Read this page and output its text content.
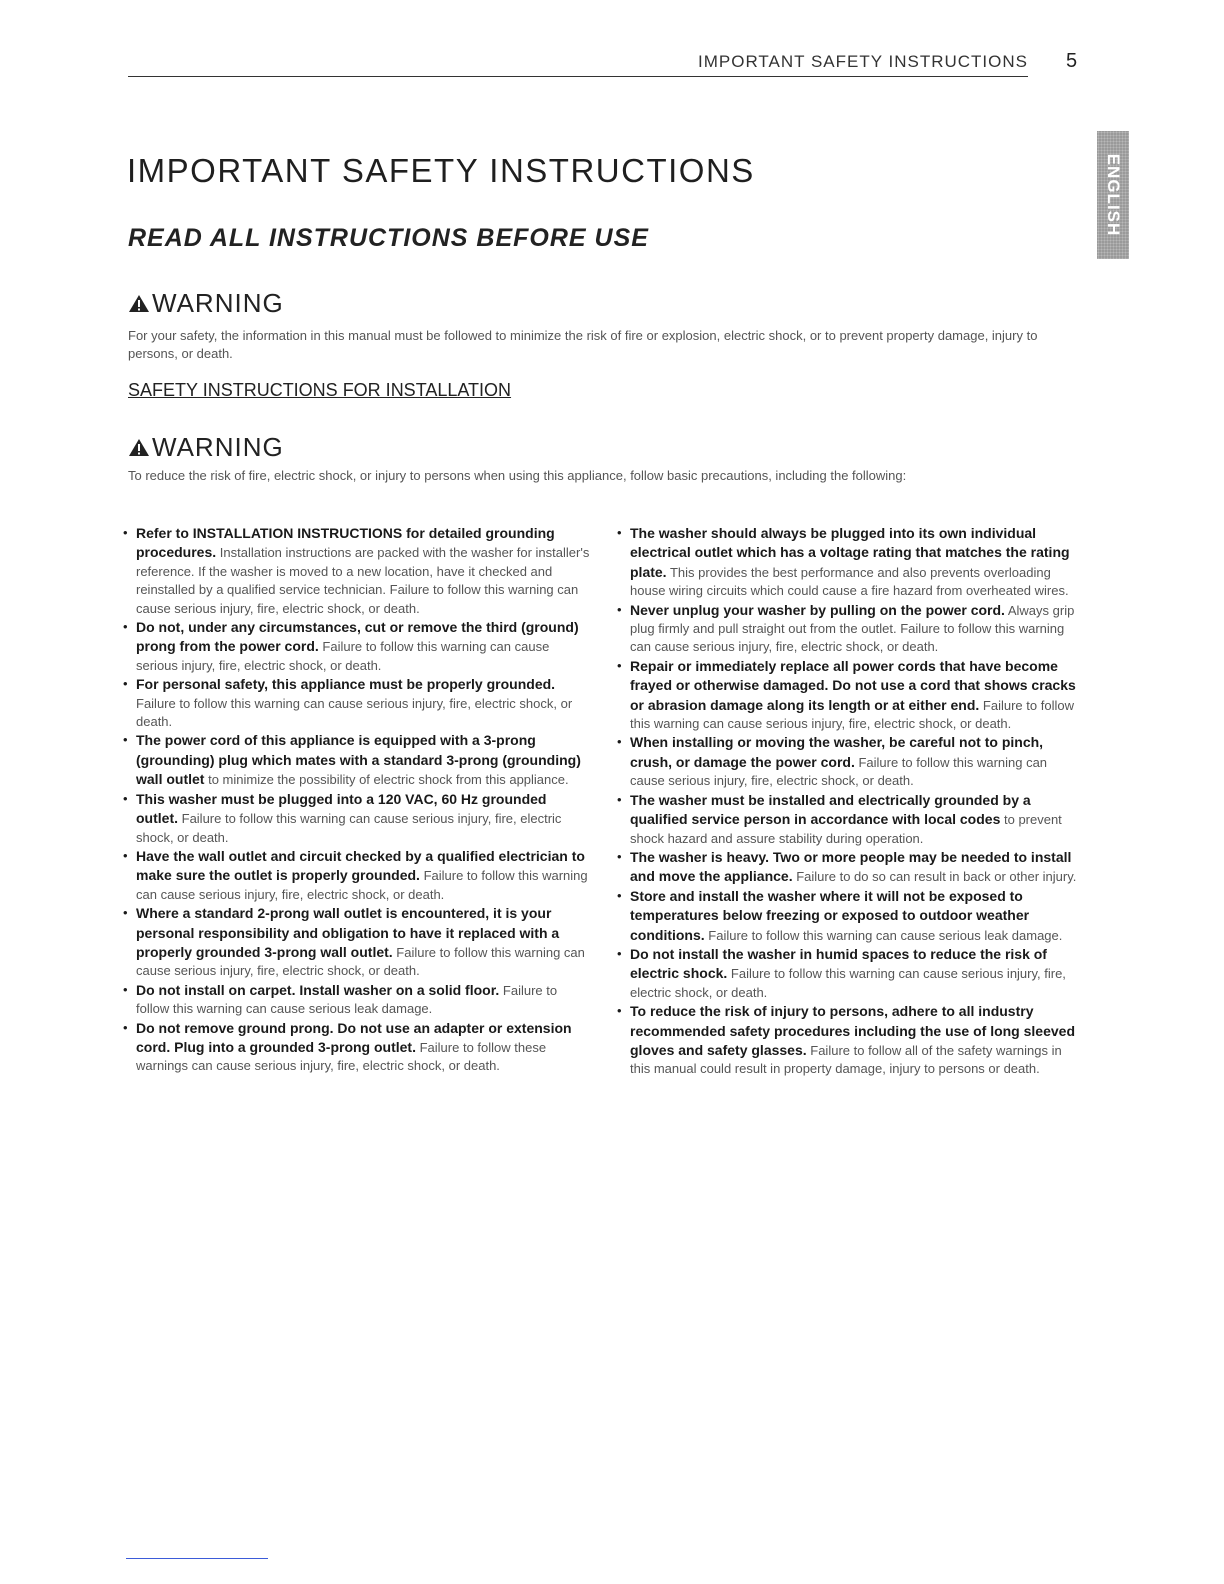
IMPORTANT SAFETY INSTRUCTIONS 5
ENGLISH
IMPORTANT SAFETY INSTRUCTIONS
READ ALL INSTRUCTIONS BEFORE USE
WARNING

For your safety, the information in this manual must be followed to minimize the risk of fire or explosion, electric shock, or to prevent property damage, injury to persons, or death.

SAFETY INSTRUCTIONS FOR INSTALLATION
WARNING

To reduce the risk of fire, electric shock, or injury to persons when using this appliance, follow basic precautions, including the following:

• Refer to INSTALLATION INSTRUCTIONS for detailed grounding procedures. Installation instructions are packed with the washer for installer's reference. If the washer is moved to a new location, have it checked and reinstalled by a qualified service technician. Failure to follow this warning can cause serious injury, fire, electric shock, or death.
• Do not, under any circumstances, cut or remove the third (ground) prong from the power cord. Failure to follow this warning can cause serious injury, fire, electric shock, or death.
• For personal safety, this appliance must be properly grounded. Failure to follow this warning can cause serious injury, fire, electric shock, or death.
• The power cord of this appliance is equipped with a 3-prong (grounding) plug which mates with a standard 3-prong (grounding) wall outlet to minimize the possibility of electric shock from this appliance.
• This washer must be plugged into a 120 VAC, 60 Hz grounded outlet. Failure to follow this warning can cause serious injury, fire, electric shock, or death.
• Have the wall outlet and circuit checked by a qualified electrician to make sure the outlet is properly grounded. Failure to follow this warning can cause serious injury, fire, electric shock, or death.
• Where a standard 2-prong wall outlet is encountered, it is your personal responsibility and obligation to have it replaced with a properly grounded 3-prong wall outlet. Failure to follow this warning can cause serious injury, fire, electric shock, or death.
• Do not install on carpet. Install washer on a solid floor. Failure to follow this warning can cause serious leak damage.
• Do not remove ground prong. Do not use an adapter or extension cord. Plug into a grounded 3-prong outlet. Failure to follow these warnings can cause serious injury, fire, electric shock, or death.
• The washer should always be plugged into its own individual electrical outlet which has a voltage rating that matches the rating plate. This provides the best performance and also prevents overloading house wiring circuits which could cause a fire hazard from overheated wires.
• Never unplug your washer by pulling on the power cord. Always grip plug firmly and pull straight out from the outlet. Failure to follow this warning can cause serious injury, fire, electric shock, or death.
• Repair or immediately replace all power cords that have become frayed or otherwise damaged. Do not use a cord that shows cracks or abrasion damage along its length or at either end. Failure to follow this warning can cause serious injury, fire, electric shock, or death.
• When installing or moving the washer, be careful not to pinch, crush, or damage the power cord. Failure to follow this warning can cause serious injury, fire, electric shock, or death.
• The washer must be installed and electrically grounded by a qualified service person in accordance with local codes to prevent shock hazard and assure stability during operation.
• The washer is heavy. Two or more people may be needed to install and move the appliance. Failure to do so can result in back or other injury.
• Store and install the washer where it will not be exposed to temperatures below freezing or exposed to outdoor weather conditions. Failure to follow this warning can cause serious leak damage.
• Do not install the washer in humid spaces to reduce the risk of electric shock. Failure to follow this warning can cause serious injury, fire, electric shock, or death.
• To reduce the risk of injury to persons, adhere to all industry recommended safety procedures including the use of long sleeved gloves and safety glasses. Failure to follow all of the safety warnings in this manual could result in property damage, injury to persons or death.
